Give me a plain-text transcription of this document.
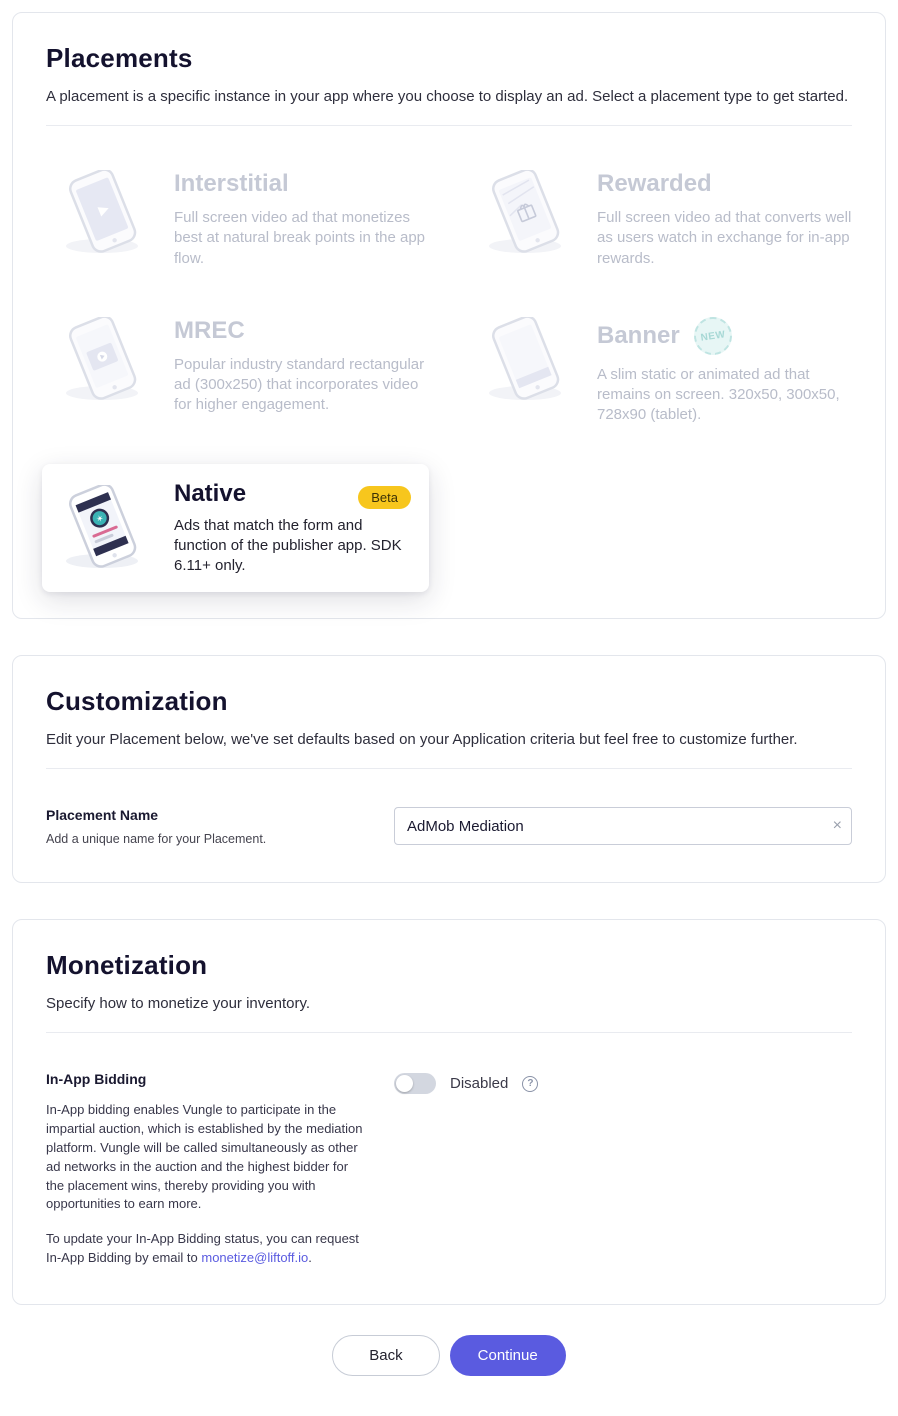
Placements

A placement is a specific instance in your app where you choose to display an ad. Select a placement type to get started.

Interstitial

Full screen video ad that monetizes best at natural break points in the app flow.

Rewarded

Full screen video ad that converts well as users watch in exchange for in-app rewards.

MREC

Popular industry standard rectangular ad (300x250) that incorporates video for higher engagement.

Banner	NEW

A slim static or animated ad that remains on screen. 320x50, 300x50, 728x90 (tablet).

✶
Native	Beta

Ads that match the form and function of the publisher app. SDK 6.11+ only.

Customization

Edit your Placement below, we've set defaults based on your Application criteria but feel free to customize further.

Placement Name
Add a unique name for your Placement.
AdMob Mediation
×
Monetization

Specify how to monetize your inventory.

In-App Bidding

In-App bidding enables Vungle to participate in the impartial auction, which is established by the mediation platform. Vungle will be called simultaneously as other ad networks in the auction and the highest bidder for the placement wins, thereby providing you with opportunities to earn more.

To update your In-App Bidding status, you can request In-App Bidding by email to monetize@liftoff.io.

Disabled	?
Back	Continue
